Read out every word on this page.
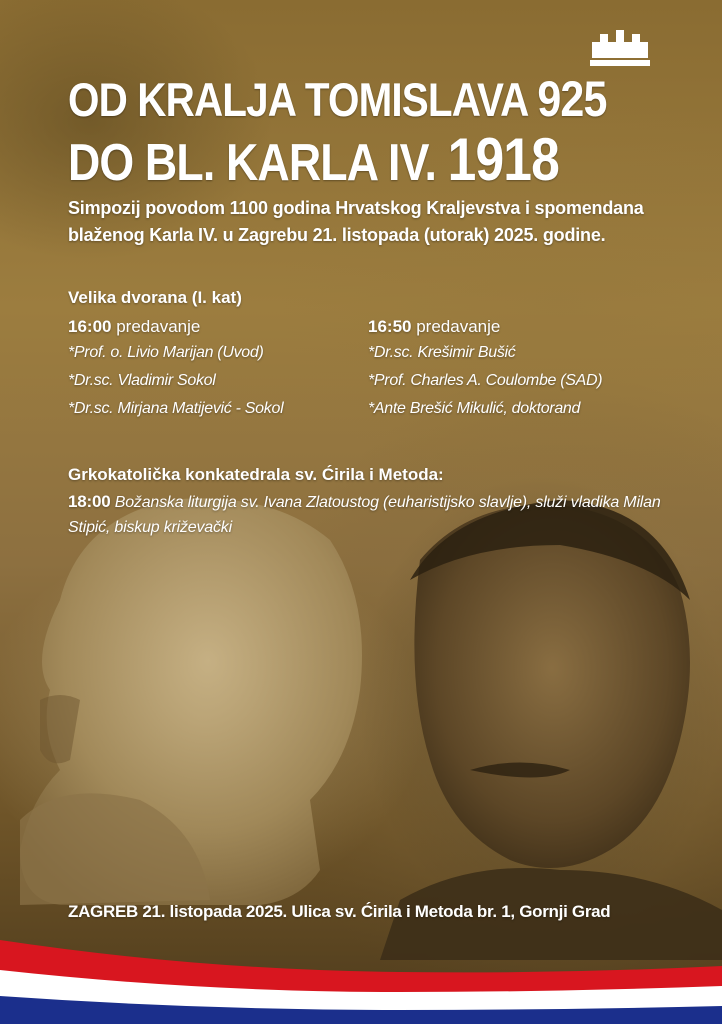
OD KRALJA TOMISLAVA 925
DO BL. KARLA IV. 1918

Simpozij povodom 1100 godina Hrvatskog Kraljevstva i spomendana blaženog Karla IV. u Zagrebu 21. listopada (utorak) 2025. godine.

Velika dvorana (I. kat)
16:00 predavanje
*Prof. o. Livio Marijan (Uvod)
*Dr.sc. Vladimir Sokol
*Dr.sc. Mirjana Matijević - Sokol
16:50 predavanje
*Dr.sc. Krešimir Bušić
*Prof. Charles A. Coulombe (SAD)
*Ante Brešić Mikulić, doktorand
Grkokatolička konkatedrala sv. Ćirila i Metoda:

18:00 Božanska liturgija sv. Ivana Zlatoustog (euharistijsko slavlje), služi vladika Milan Stipić, biskup križevački

ZAGREB 21. listopada 2025. Ulica sv. Ćirila i Metoda br. 1, Gornji Grad
